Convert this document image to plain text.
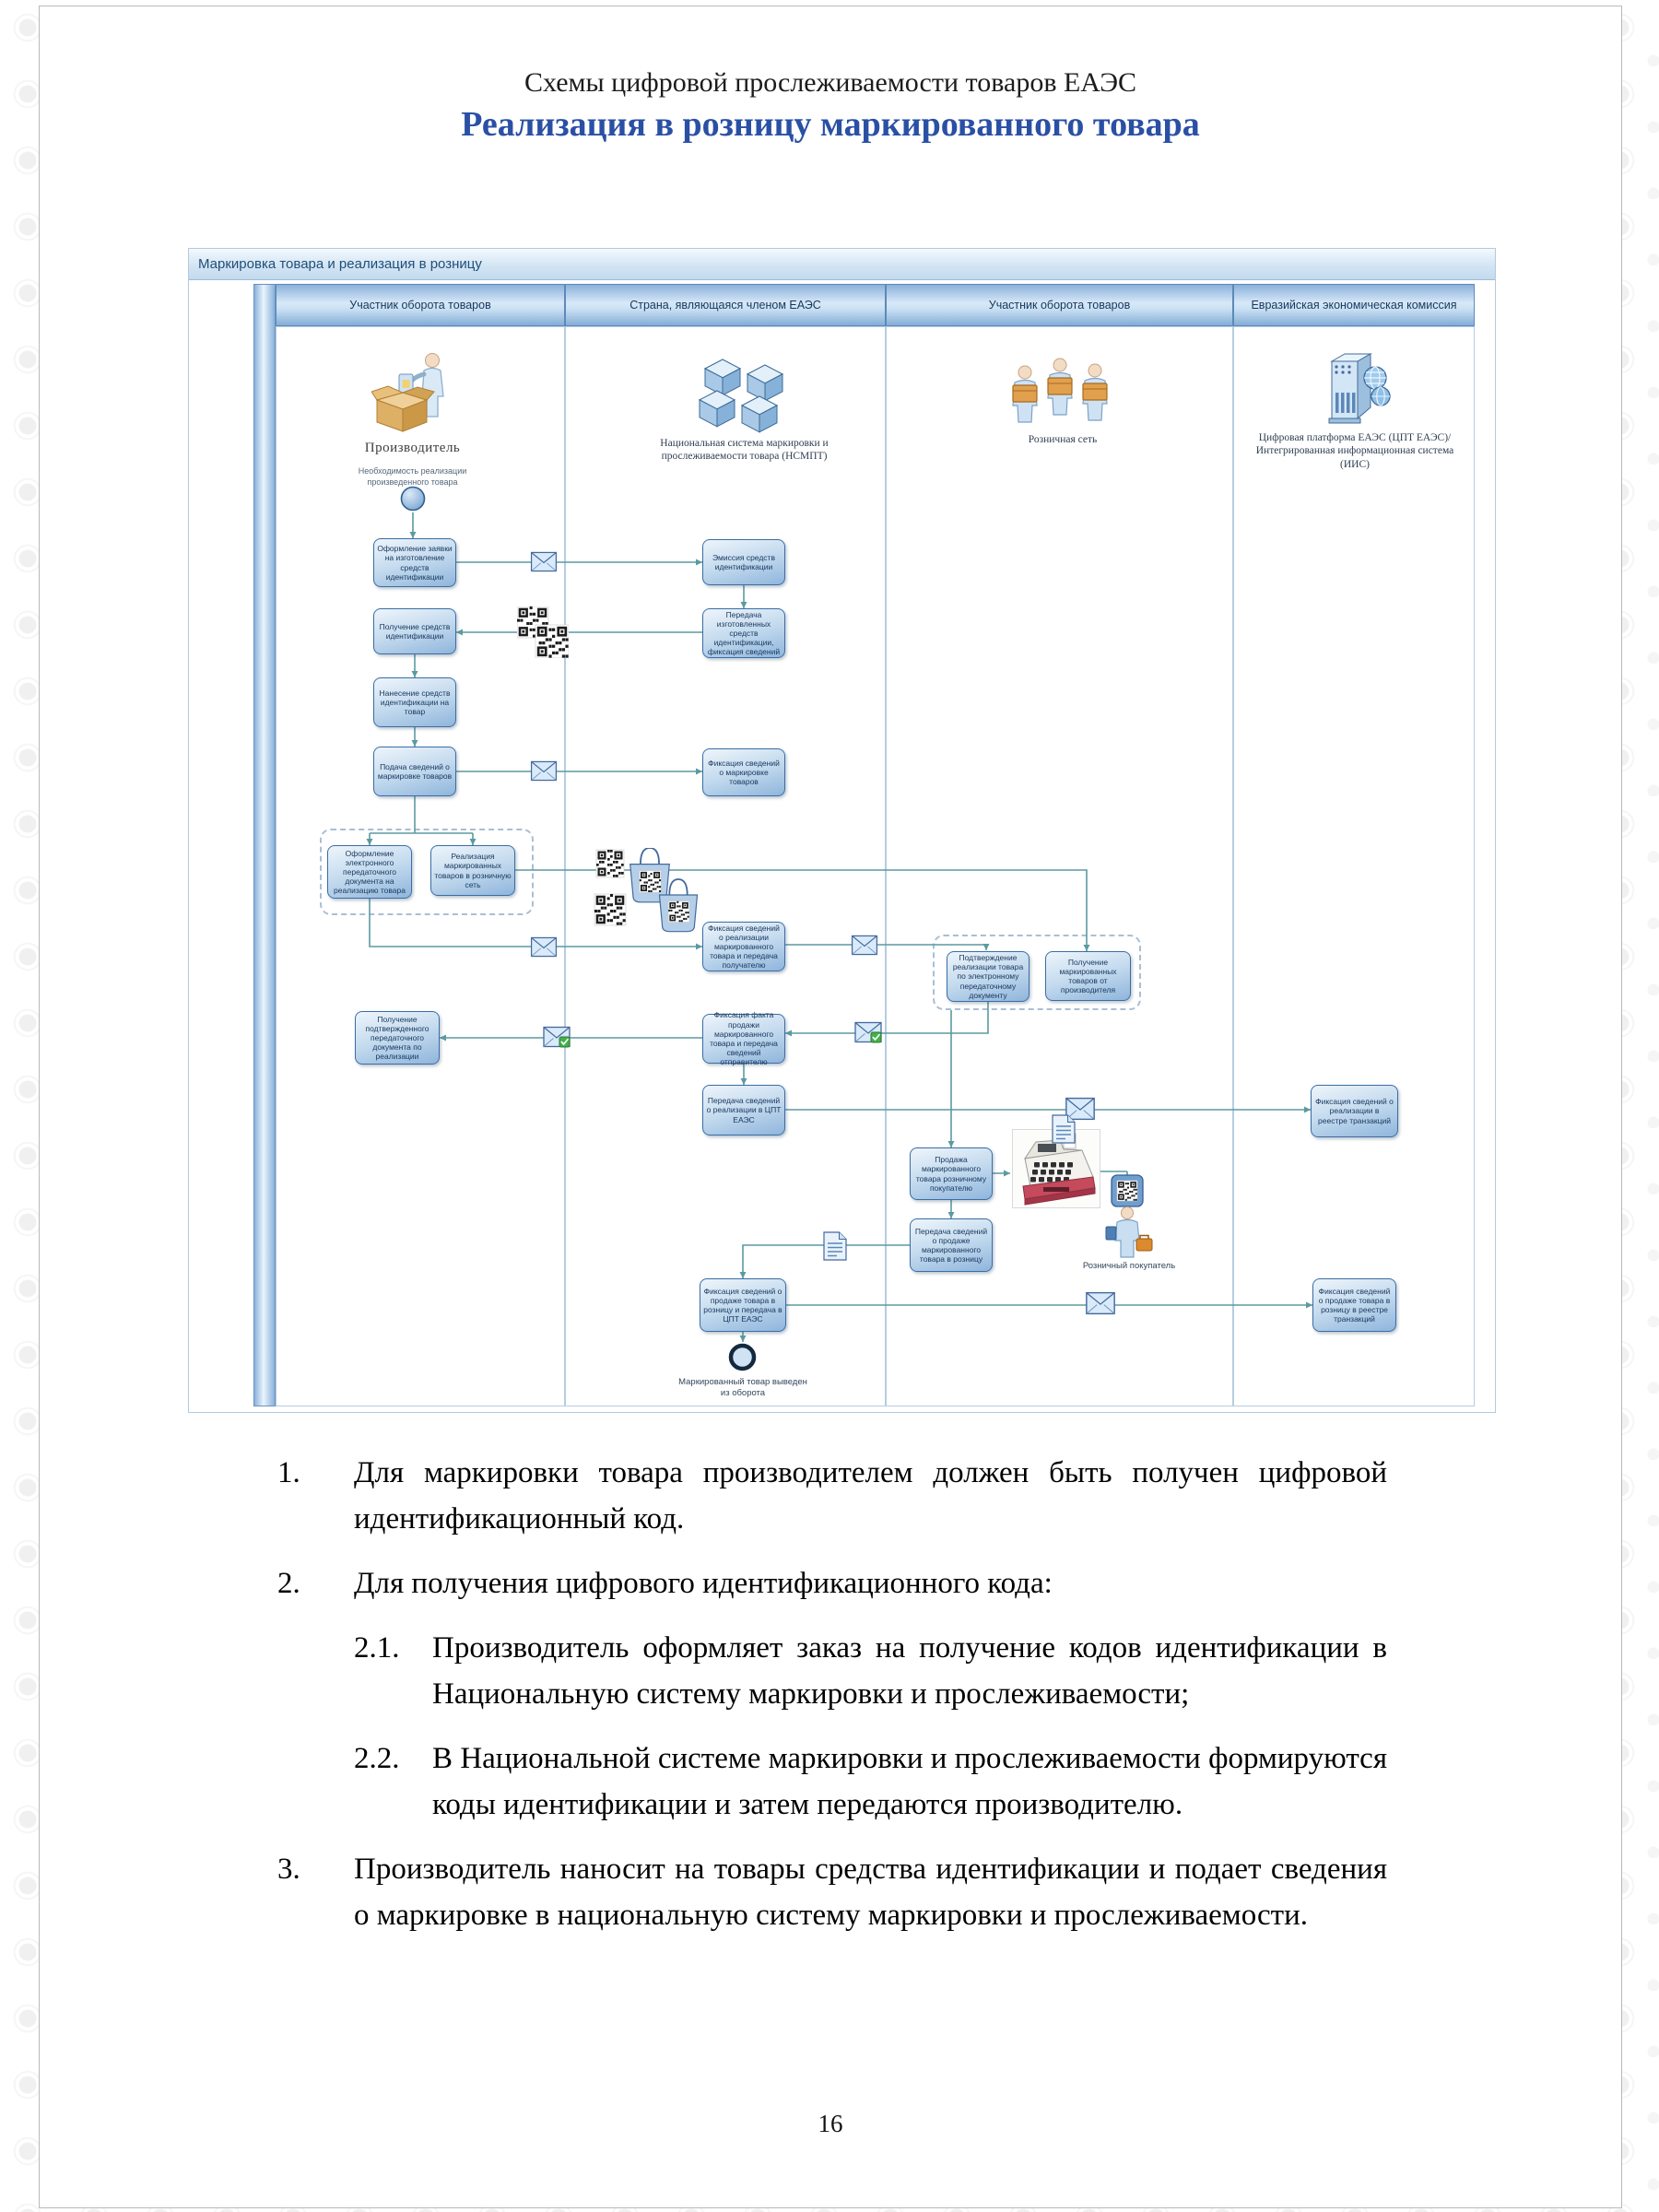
Схемы цифровой прослеживаемости товаров ЕАЭС
Реализация в розницу маркированного товара
Маркировка товара и реализация в розницу
Участник оборота товаров	Страна, являющаяся членом ЕАЭС	Участник оборота товаров	Евразийская экономическая комиссия
Оформление заявки на изготовление средств идентификации
Получение средств идентификации
Нанесение средств идентификации на товар
Подача сведений о маркировке товаров
Оформление электронного передаточного документа на реализацию товара
Реализация маркированных товаров в розничную сеть
Получение подтвержденного передаточного документа по реализации
Эмиссия средств идентификации
Передача изготовленных средств идентификации, фиксация сведений
Фиксация сведений о маркировке товаров
Фиксация сведений о реализации маркированного товара и передача получателю
Фиксация факта продажи маркированного товара и передача сведений отправителю
Передача сведений о реализации в ЦПТ ЕАЭС
Продажа маркированного товара розничному покупателю
Передача сведений о продаже маркированного товара в розницу
Фиксация сведений о продаже товара в розницу и передача в ЦПТ ЕАЭС
Подтверждение реализации товара по электронному передаточному документу
Получение маркированных товаров от производителя
Фиксация сведений о реализации в реестре транзакций
Фиксация сведений о продаже товара в розницу в реестре транзакций
Производитель
Необходимость реализации произведенного товара
Национальная система маркировки и прослеживаемости товара (НСМПТ)
Розничная сеть	Цифровая платформа ЕАЭС (ЦПТ ЕАЭС)/ Интегрированная информационная система (ИИС)
Розничный покупатель
Маркированный товар выведен из оборота
1.	Для маркировки товара производителем должен быть получен цифровой идентификационный код.
2.	Для получения цифрового идентификационного кода:
2.1.	Производитель оформляет заказ на получение кодов идентификации в Национальную систему маркировки и прослеживаемости;
2.2.	В Национальной системе маркировки и прослеживаемости формируются коды идентификации и затем передаются производителю.
3.	Производитель наносит на товары средства идентификации и подает сведения о маркировке в национальную систему маркировки и прослеживаемости.
16
